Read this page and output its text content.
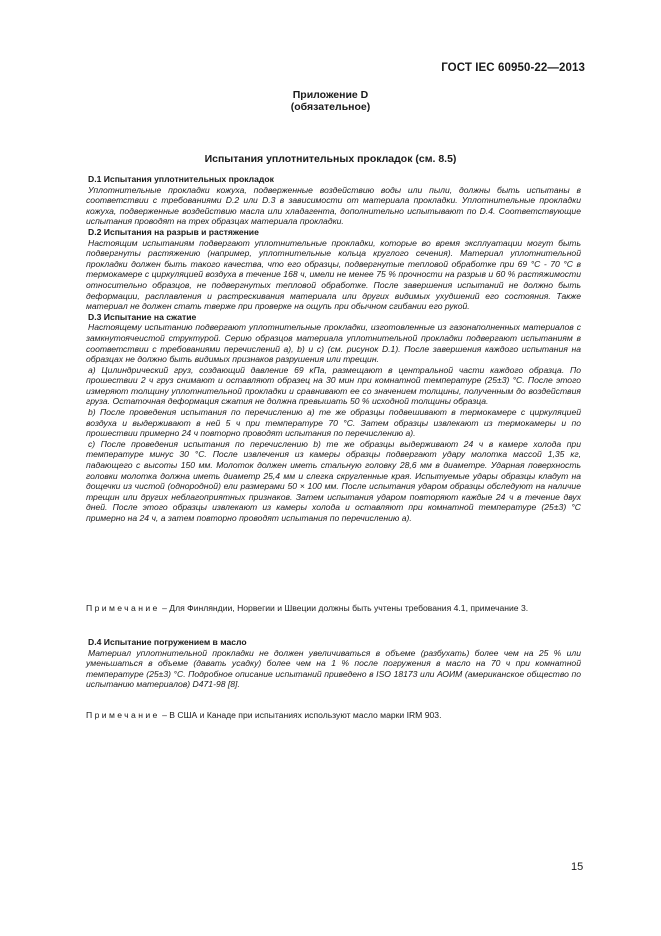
ГОСТ IEC 60950-22—2013
Приложение D
(обязательное)
Испытания уплотнительных прокладок (см. 8.5)

D.1 Испытания уплотнительных прокладок

Уплотнительные прокладки кожуха, подверженные воздействию воды или пыли, должны быть испытаны в соответствии с требованиями D.2 или D.3 в зависимости от материала прокладки. Уплотнительные прокладки кожуха, подверженные воздействию масла или хладагента, дополнительно испытывают по D.4. Соответствующие испытания проводят на трех образцах материала прокладки.

D.2 Испытания на разрыв и растяжение

Настоящим испытаниям подвергают уплотнительные прокладки, которые во время эксплуатации могут быть подвергнуты растяжению (например, уплотнительные кольца круглого сечения). Материал уплотнительной прокладки должен быть такого качества, что его образцы, подвергнутые тепловой обработке при 69 °С - 70 °С в термокамере с циркуляцией воздуха в течение 168 ч, имели не менее 75 % прочности на разрыв и 60 % растяжимости относительно образцов, не подвергнутых тепловой обработке. После завершения испытаний не должно быть деформации, расплавления и растрескивания материала или других видимых ухудшений его состояния. Также материал не должен стать тверже при проверке на ощупь при обычном сгибании его рукой.

D.3 Испытание на сжатие

Настоящему испытанию подвергают уплотнительные прокладки, изготовленные из газонаполненных материалов с замкнутоячеистой структурой. Серию образцов материала уплотнительной прокладки подвергают испытаниям в соответствии с требованиями перечислений a), b) и c) (см. рисунок D.1). После завершения каждого испытания на образцах не должно быть видимых признаков разрушения или трещин.

a) Цилиндрический груз, создающий давление 69 кПа, размещают в центральной части каждого образца. По прошествии 2 ч груз снимают и оставляют образец на 30 мин при комнатной температуре (25±3) °С. После этого измеряют толщину уплотнительной прокладки и сравнивают ее со значением толщины, полученным до воздействия груза. Остаточная деформация сжатия не должна превышать 50 % исходной толщины образца.

b) После проведения испытания по перечислению a) те же образцы подвешивают в термокамере с циркуляцией воздуха и выдерживают в ней 5 ч при температуре 70 °С. Затем образцы извлекают из термокамеры и по прошествии примерно 24 ч повторно проводят испытания по перечислению a).

c) После проведения испытания по перечислению b) те же образцы выдерживают 24 ч в камере холода при температуре минус 30 °С. После извлечения из камеры образцы подвергают удару молотка массой 1,35 кг, падающего с высоты 150 мм. Молоток должен иметь стальную головку 28,6 мм в диаметре. Ударная поверхность головки молотка должна иметь диаметр 25,4 мм и слегка скругленные края. Испытуемые удары образцы кладут на дощечки из чистой (однородной) ели размерами 50 × 100 мм. После испытания ударом образцы обследуют на наличие трещин или других неблагоприятных признаков. Затем испытания ударом повторяют каждые 24 ч в течение двух дней. После этого образцы извлекают из камеры холода и оставляют при комнатной температуре (25±3) °С примерно на 24 ч, а затем повторно проводят испытания по перечислению a).

Примечание – Для Финляндии, Норвегии и Швеции должны быть учтены требования 4.1, примечание 3.

D.4 Испытание погружением в масло

Материал уплотнительной прокладки не должен увеличиваться в объеме (разбухать) более чем на 25 % или уменьшаться в объеме (давать усадку) более чем на 1 % после погружения в масло на 70 ч при комнатной температуре (25±3) °С. Подробное описание испытаний приведено в ISO 18173 или АОИМ (американское общество по испытанию материалов) D471-98 [8].

Примечание – В США и Канаде при испытаниях используют масло марки IRM 903.
15
